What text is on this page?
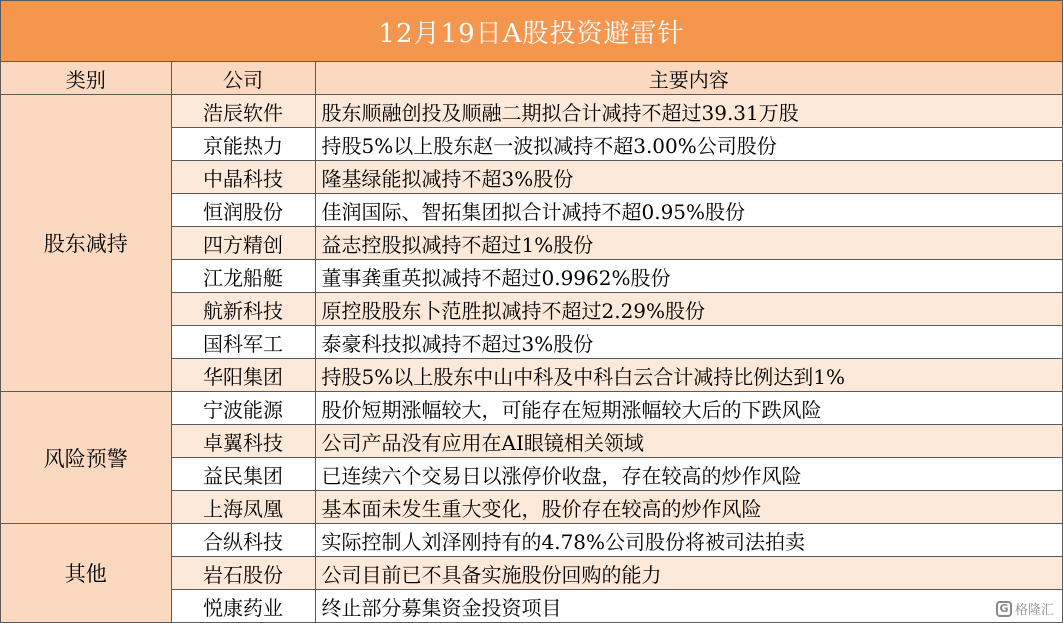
12月19日A股投资避雷针
类别	公司	主要内容
股东减持	浩辰软件	股东顺融创投及顺融二期拟合计减持不超过39.31万股
	京能热力	持股5%以上股东赵一波拟减持不超3.00%公司股份
	中晶科技	隆基绿能拟减持不超3%股份
	恒润股份	佳润国际、智拓集团拟合计减持不超0.95%股份
	四方精创	益志控股拟减持不超过1%股份
	江龙船艇	董事龚重英拟减持不超过0.9962%股份
	航新科技	原控股股东卜范胜拟减持不超过2.29%股份
	国科军工	泰豪科技拟减持不超过3%股份
	华阳集团	持股5%以上股东中山中科及中科白云合计减持比例达到1%
风险预警	宁波能源	股价短期涨幅较大，可能存在短期涨幅较大后的下跌风险
	卓翼科技	公司产品没有应用在AI眼镜相关领域
	益民集团	已连续六个交易日以涨停价收盘，存在较高的炒作风险
	上海凤凰	基本面未发生重大变化，股价存在较高的炒作风险
其他	合纵科技	实际控制人刘泽刚持有的4.78%公司股份将被司法拍卖
	岩石股份	公司目前已不具备实施股份回购的能力
	悦康药业	终止部分募集资金投资项目	G 格隆汇
